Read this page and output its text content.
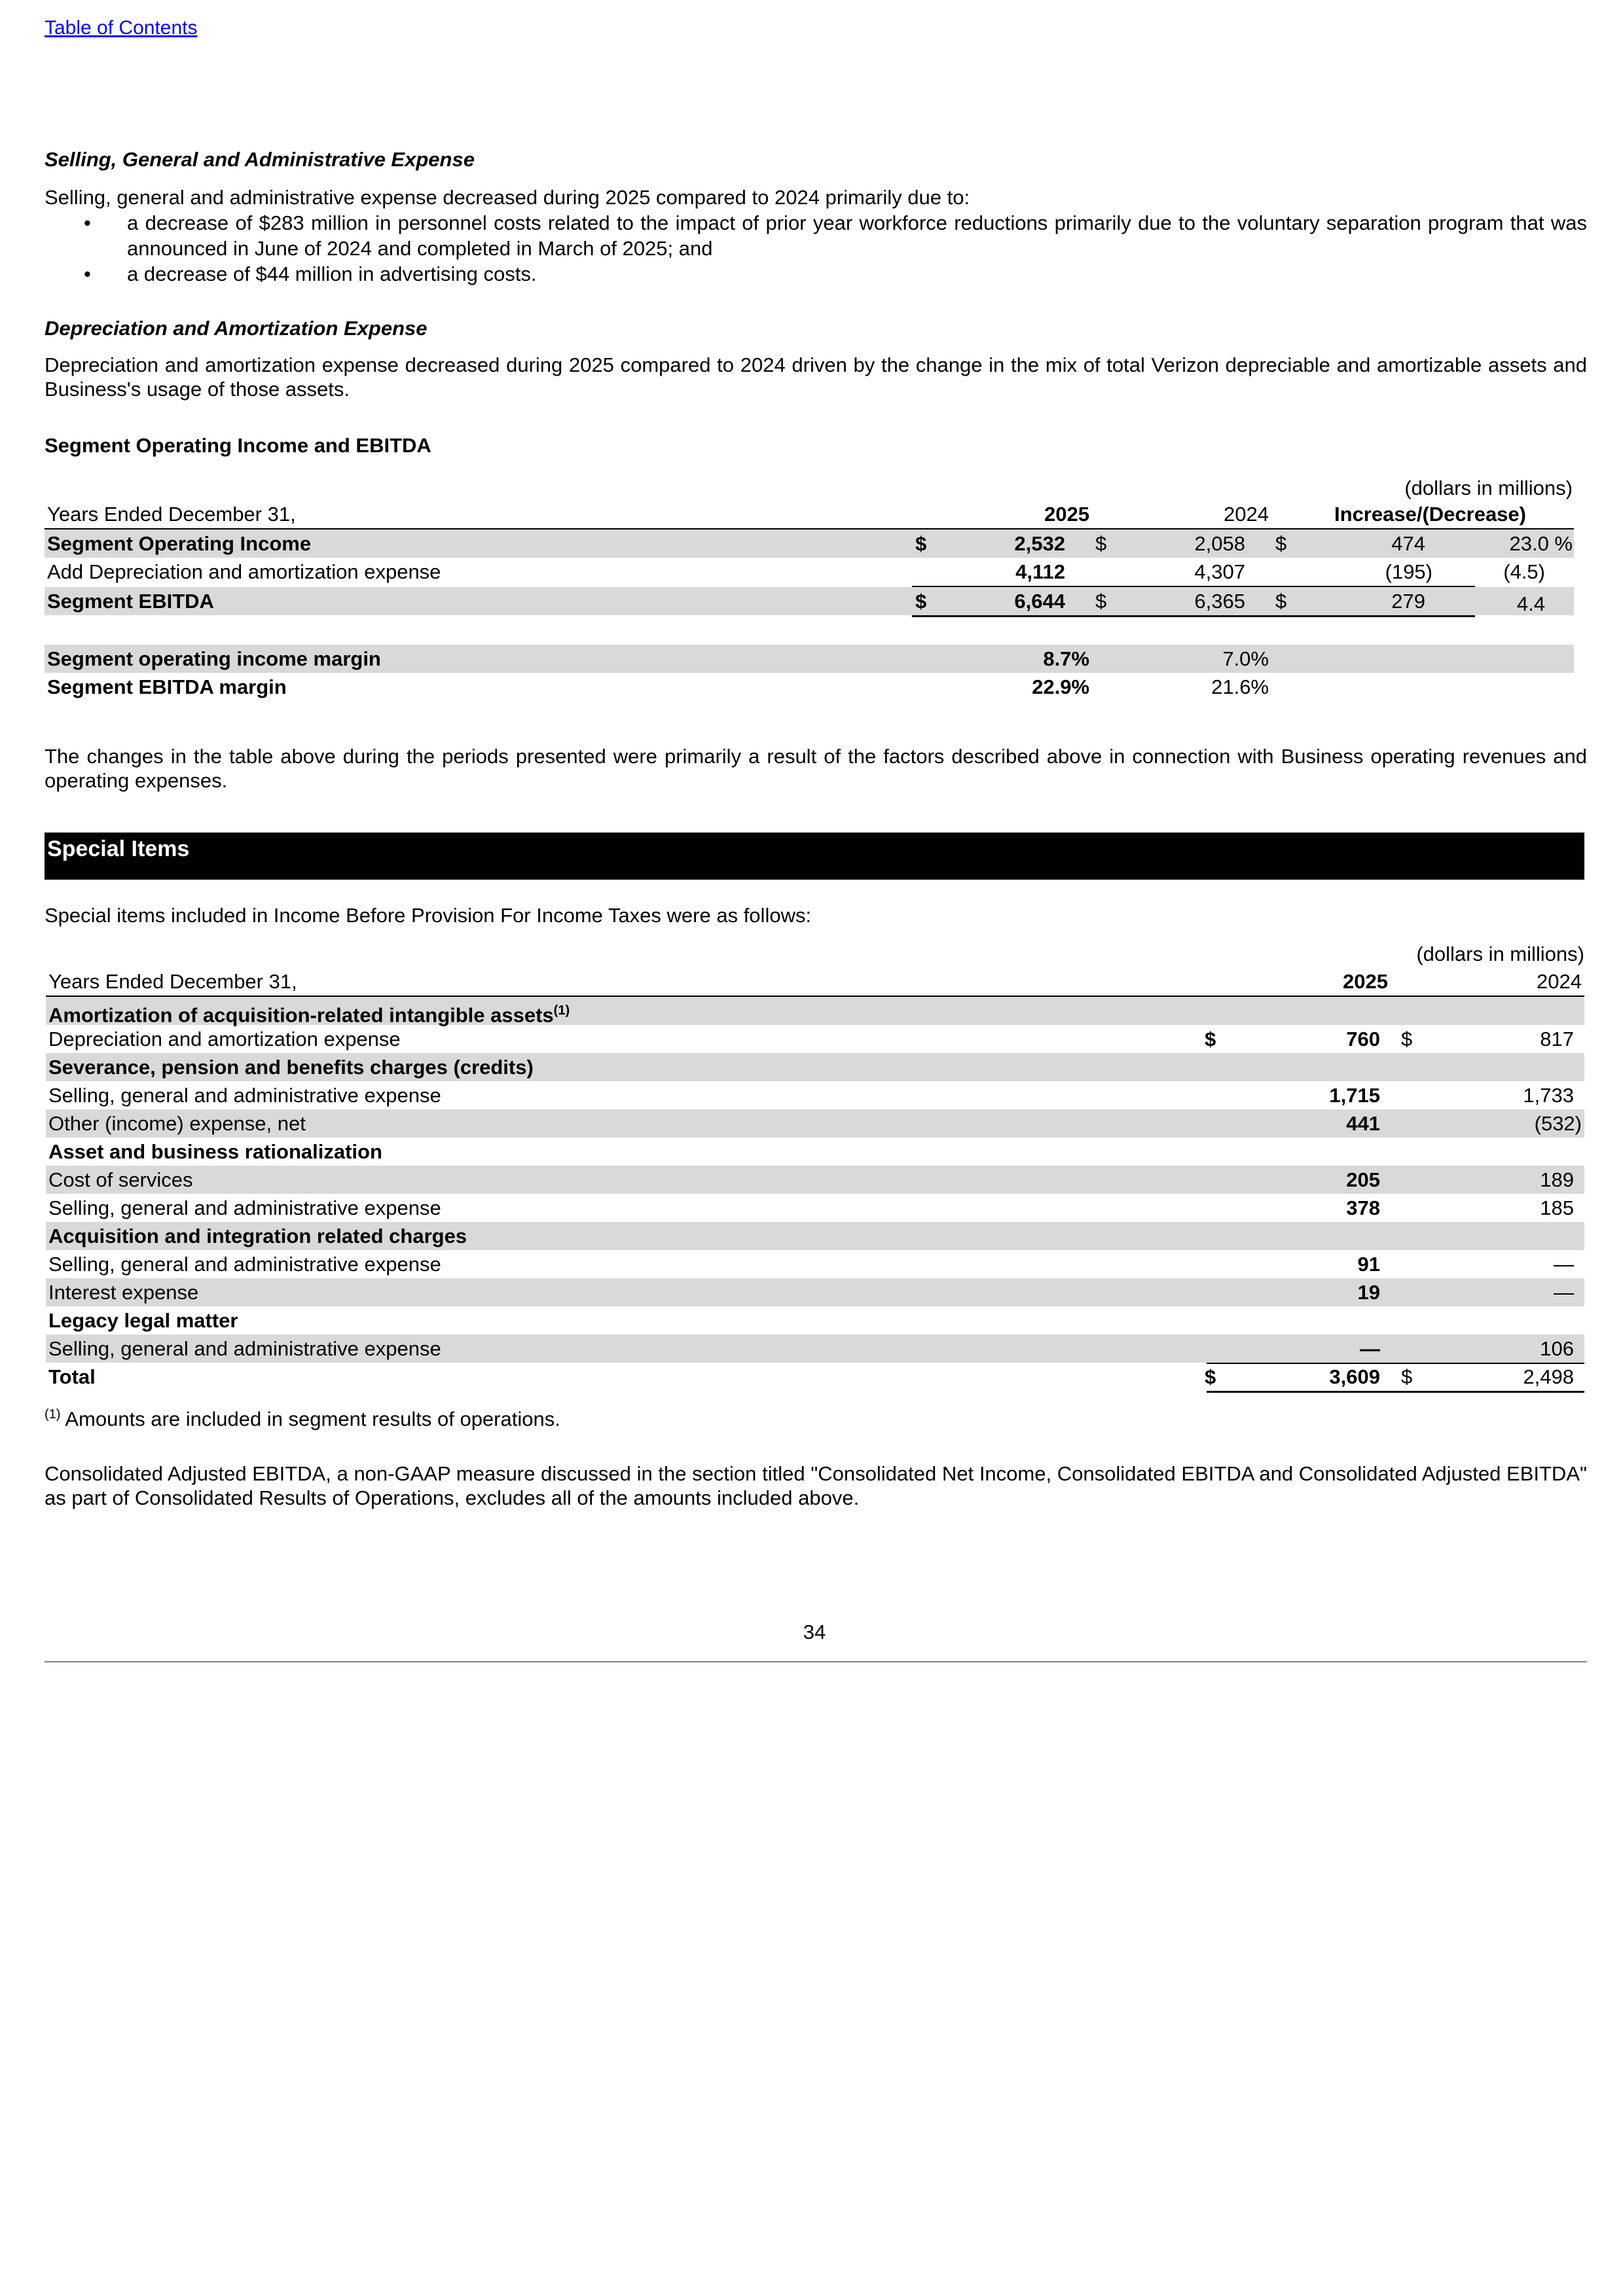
Table of Contents
Selling, General and Administrative Expense
Selling, general and administrative expense decreased during 2025 compared to 2024 primarily due to:
• a decrease of $283 million in personnel costs related to the impact of prior year workforce reductions primarily due to the voluntary separation program that was announced in June of 2024 and completed in March of 2025; and
• a decrease of $44 million in advertising costs.
Depreciation and Amortization Expense
Depreciation and amortization expense decreased during 2025 compared to 2024 driven by the change in the mix of total Verizon depreciable and amortizable assets and Business's usage of those assets.
Segment Operating Income and EBITDA
(dollars in millions)
Years Ended December 31,	2025	2024	Increase/(Decrease)
Segment Operating Income	$	2,532 $	2,058 $	474	23.0 %
Add Depreciation and amortization expense	4,112	4,307	(195)	(4.5)
Segment EBITDA	$	6,644 $	6,365 $	279	4.4
Segment operating income margin	8.7%	7.0%
Segment EBITDA margin	22.9%	21.6%
The changes in the table above during the periods presented were primarily a result of the factors described above in connection with Business operating revenues and operating expenses.
Special Items
Special items included in Income Before Provision For Income Taxes were as follows:
(dollars in millions)
Years Ended December 31,	2025	2024
Amortization of acquisition-related intangible assets$^{(1)}$
Depreciation and amortization expense	$	760 $	817
Severance, pension and benefits charges (credits)
Selling, general and administrative expense	1,715	1,733
Other (income) expense, net	441	(532)
Asset and business rationalization
Cost of services	205	189
Selling, general and administrative expense	378	185
Acquisition and integration related charges
Selling, general and administrative expense	91	—
Interest expense	19	—
Legacy legal matter
Selling, general and administrative expense	—	106
Total	$	3,609 $	2,498
$^{(1)}$ Amounts are included in segment results of operations.
Consolidated Adjusted EBITDA, a non-GAAP measure discussed in the section titled "Consolidated Net Income, Consolidated EBITDA and Consolidated Adjusted EBITDA" as part of Consolidated Results of Operations, excludes all of the amounts included above.
34
